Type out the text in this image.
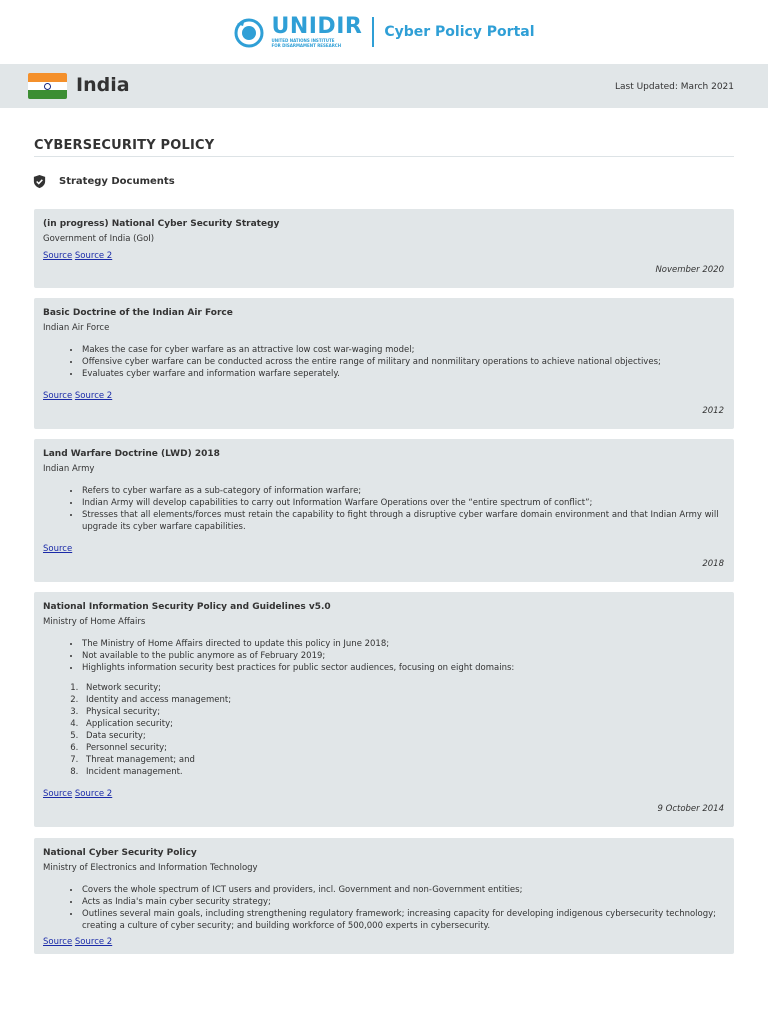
UNIDIR
UNITED NATIONS INSTITUTE
FOR DISARMAMENT RESEARCH
Cyber Policy Portal
India	Last Updated: March 2021
CYBERSECURITY POLICY
Strategy Documents
(in progress) National Cyber Security Strategy
Government of India (GoI)
Source Source 2
November 2020
Basic Doctrine of the Indian Air Force
Indian Air Force
• Makes the case for cyber warfare as an attractive low cost war-waging model;
• Offensive cyber warfare can be conducted across the entire range of military and nonmilitary operations to achieve national objectives;
• Evaluates cyber warfare and information warfare seperately.
Source Source 2
2012
Land Warfare Doctrine (LWD) 2018
Indian Army
• Refers to cyber warfare as a sub-category of information warfare;
• Indian Army will develop capabilities to carry out Information Warfare Operations over the “entire spectrum of conflict”;
• Stresses that all elements/forces must retain the capability to fight through a disruptive cyber warfare domain environment and that Indian Army will upgrade its cyber warfare capabilities.
Source
2018
National Information Security Policy and Guidelines v5.0
Ministry of Home Affairs
• The Ministry of Home Affairs directed to update this policy in June 2018;
• Not available to the public anymore as of February 2019;
• Highlights information security best practices for public sector audiences, focusing on eight domains:
1. Network security;
2. Identity and access management;
3. Physical security;
4. Application security;
5. Data security;
6. Personnel security;
7. Threat management; and
8. Incident management.
Source Source 2
9 October 2014
National Cyber Security Policy
Ministry of Electronics and Information Technology
• Covers the whole spectrum of ICT users and providers, incl. Government and non-Government entities;
• Acts as India's main cyber security strategy;
• Outlines several main goals, including strengthening regulatory framework; increasing capacity for developing indigenous cybersecurity technology; creating a culture of cyber security; and building workforce of 500,000 experts in cybersecurity.
Source Source 2
